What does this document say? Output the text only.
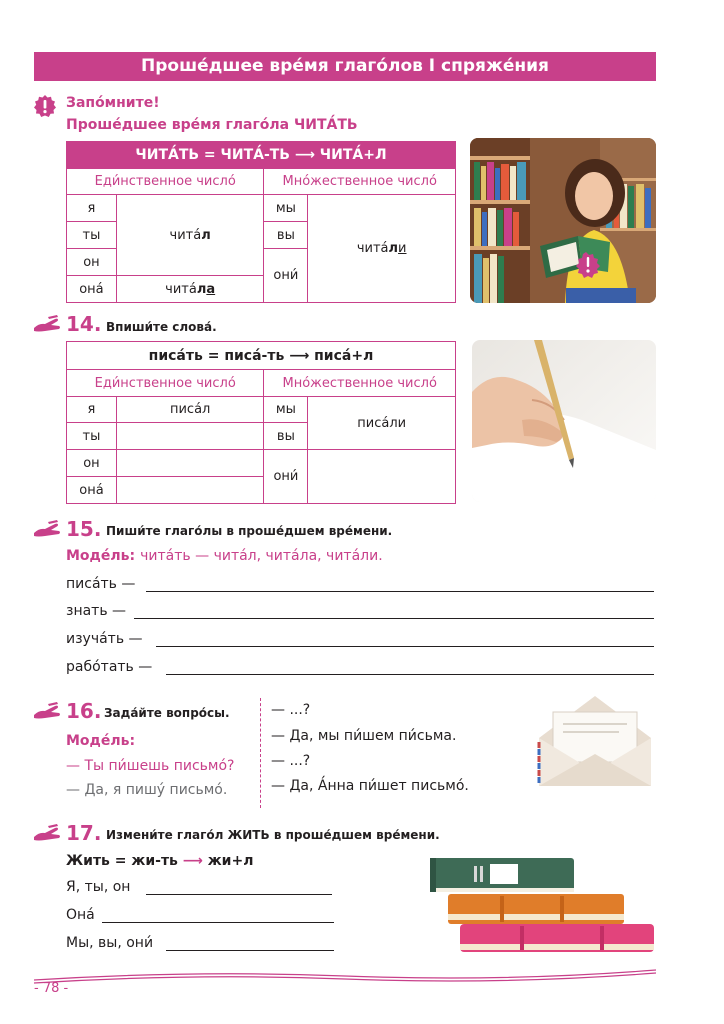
Проше́дшее вре́мя глаго́лов I спряже́ния
Запо́мните!
Проше́дшее вре́мя глаго́ла ЧИТА́ТЬ
ЧИТА́ТЬ = ЧИТА́-ТЬ ⟶ ЧИТА́+Л			
Еди́нственное число́		Мно́жественное число́	
я	чита́л	мы	чита́ли
ты		вы	
он		они́	
она́	чита́ла		
14. Впиши́те слова́.
писа́ть = писа́-ть ⟶ писа́+л			
Еди́нственное число́		Мно́жественное число́	
я	писа́л	мы	писа́ли
ты		вы	
он		они́	
она́			
15. Пиши́те глаго́лы в проше́дшем вре́мени.
Моде́ль: чита́ть — чита́л, чита́ла, чита́ли.
писа́ть —
знать —
изуча́ть —
рабо́тать —
16. Зада́йте вопро́сы.
Моде́ль:
— Ты пи́шешь письмо́?
— Да, я пишу́ письмо́.
— ...?
— Да, мы пи́шем пи́сьма.
— ...?
— Да, А́нна пи́шет письмо́.
17. Измени́те глаго́л ЖИТЬ в проше́дшем вре́мени.
Жить = жи-ть ⟶ жи+л
Я, ты, он
Она́
Мы, вы, они́
- 78 -
